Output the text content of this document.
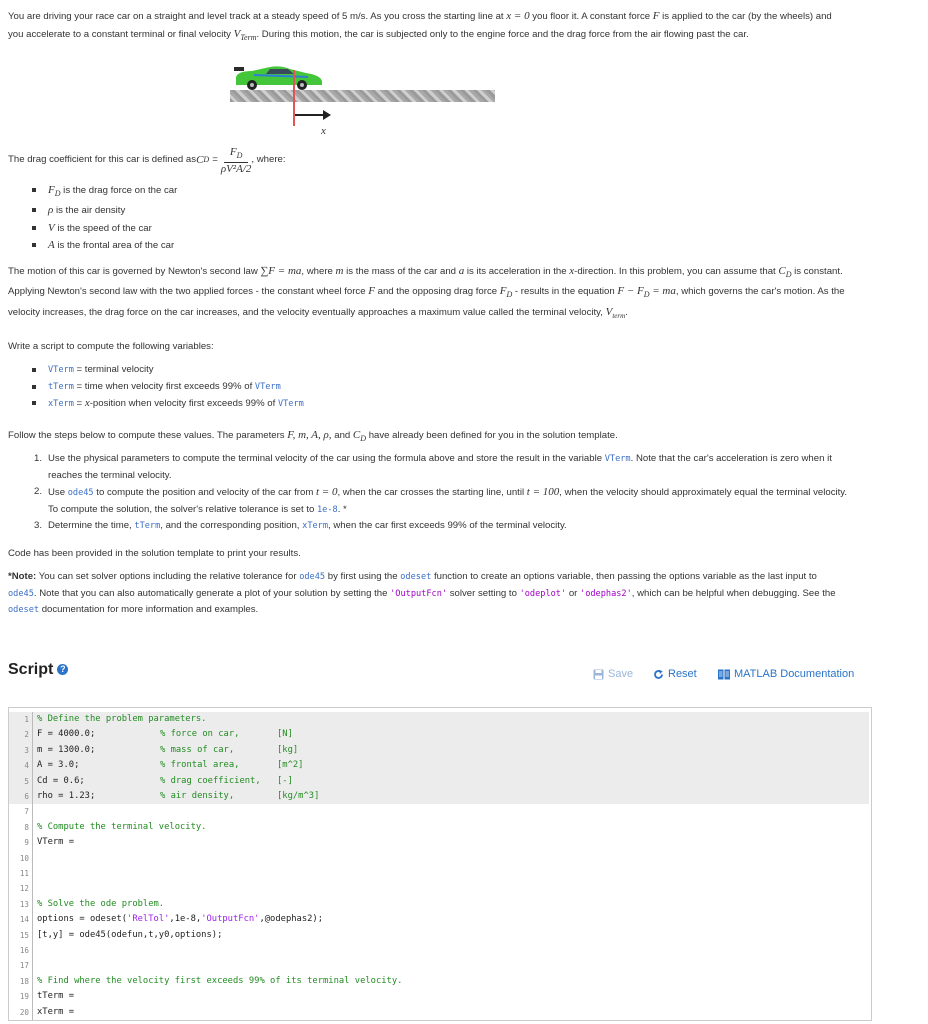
You are driving your race car on a straight and level track at a steady speed of 5 m/s. As you cross the starting line at x = 0 you floor it. A constant force F is applied to the car (by the wheels) and you accelerate to a constant terminal or final velocity $V_{Term}$. During this motion, the car is subjected only to the engine force and the drag force from the air flowing past the car.
x
The drag coefficient for this car is defined as C $D = \frac{F_D}{\text{ρV²A/2}}$ , where:
$F_D$ is the drag force on the car
ρ is the air density
V is the speed of the car
A is the frontal area of the car
The motion of this car is governed by Newton's second law ∑F = ma, where m is the mass of the car and a is its acceleration in the x-direction. In this problem, you can assume that $C_D$ is constant. Applying Newton's second law with the two applied forces - the constant wheel force F and the opposing drag force $F_D$ - results in the equation $F - F_D$ = ma, which governs the car's motion. As the velocity increases, the drag force on the car increases, and the velocity eventually approaches a maximum value called the terminal velocity, $V_{term}$.
Write a script to compute the following variables:
VTerm = terminal velocity
tTerm = time when velocity first exceeds 99% of VTerm
xTerm = x-position when velocity first exceeds 99% of VTerm
Follow the steps below to compute these values. The parameters F, m, A, ρ, and $C_D$ have already been defined for you in the solution template.
1. Use the physical parameters to compute the terminal velocity of the car using the formula above and store the result in the variable VTerm. Note that the car's acceleration is zero when it reaches the terminal velocity.
2. Use ode45 to compute the position and velocity of the car from t = 0, when the car crosses the starting line, until t = 100, when the velocity should approximately equal the terminal velocity. To compute the solution, the solver's relative tolerance is set to 1e-8. *
3. Determine the time, tTerm, and the corresponding position, xTerm, when the car first exceeds 99% of the terminal velocity.
Code has been provided in the solution template to print your results.
*Note: You can set solver options including the relative tolerance for ode45 by first using the odeset function to create an options variable, then passing the options variable as the last input to ode45. Note that you can also automatically generate a plot of your solution by setting the 'OutputFcn' solver setting to 'odeplot' or 'odephas2', which can be helpful when debugging. See the odeset documentation for more information and examples.
Script ?	Save	Reset	MATLAB Documentation
1 % Define the problem parameters.
2 F = 4000.0;	% force on car,	[N]
3 m = 1300.0;	% mass of car,	[kg]
4 A = 3.0;	% frontal area,	[m^2]
5 Cd = 0.6;	% drag coefficient, [-]
6 rho = 1.23;	% air density,	[kg/m^3]
7
8 % Compute the terminal velocity.
9 VTerm =
10
11
12
13 % Solve the ode problem.
14 options = odeset('RelTol',1e-8,'OutputFcn',@odephas2);
15 [t,y] = ode45(odefun,t,y0,options);
16
17
18 % Find where the velocity first exceeds 99% of its terminal velocity.
19 tTerm =
20 xTerm =
